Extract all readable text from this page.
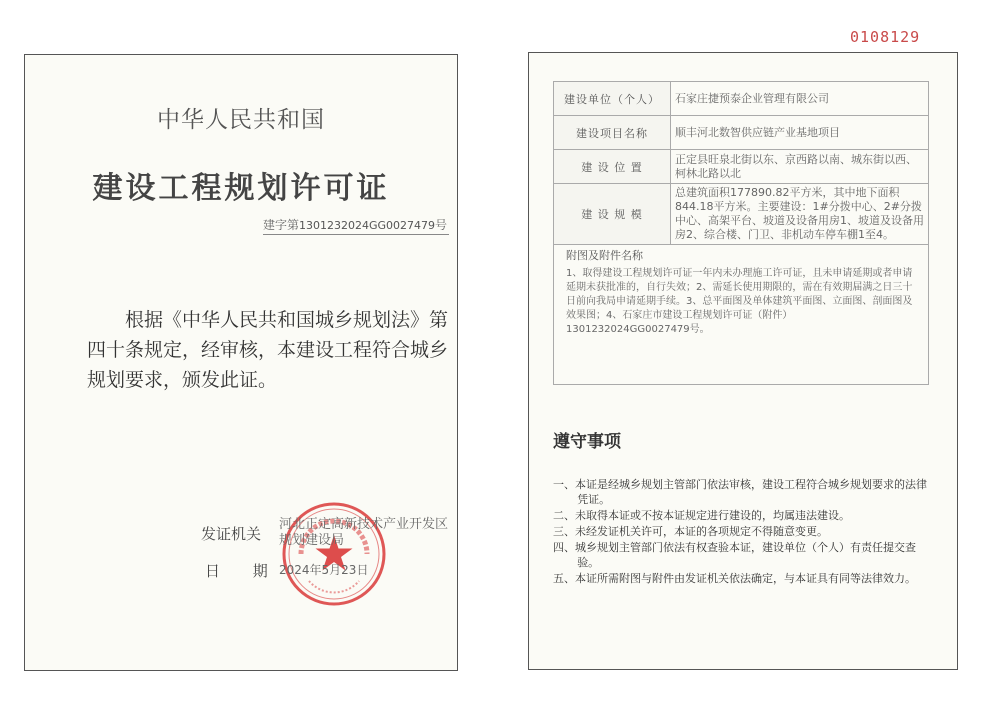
0108129
中华人民共和国
建设工程规划许可证
建字第1301232024GG0027479号
根据《中华人民共和国城乡规划法》第四十条规定，经审核，本建设工程符合城乡规划要求，颁发此证。
发证机关
河北正定高新技术产业开发区规划建设局
日 期
2024年5月23日
建设单位（个人）	石家庄捷预泰企业管理有限公司
建设项目名称	顺丰河北数智供应链产业基地项目
建 设 位 置	正定县旺泉北街以东、京西路以南、城东街以西、柯林北路以北
建 设 规 模	总建筑面积177890.82平方米，其中地下面积844.18平方米。主要建设：1#分拨中心、2#分拨中心、高架平台、坡道及设备用房1、坡道及设备用房2、综合楼、门卫、非机动车停车棚1至4。
附图及附件名称
1、取得建设工程规划许可证一年内未办理施工许可证，且未申请延期或者申请延期未获批准的，自行失效；2、需延长使用期限的，需在有效期届满之日三十日前向我局申请延期手续。3、总平面图及单体建筑平面图、立面图、剖面图及效果图；4、石家庄市建设工程规划许可证（附件）1301232024GG0027479号。
遵守事项
一、本证是经城乡规划主管部门依法审核，建设工程符合城乡规划要求的法律凭证。
二、未取得本证或不按本证规定进行建设的，均属违法建设。
三、未经发证机关许可，本证的各项规定不得随意变更。
四、城乡规划主管部门依法有权查验本证，建设单位（个人）有责任提交查验。
五、本证所需附图与附件由发证机关依法确定，与本证具有同等法律效力。
